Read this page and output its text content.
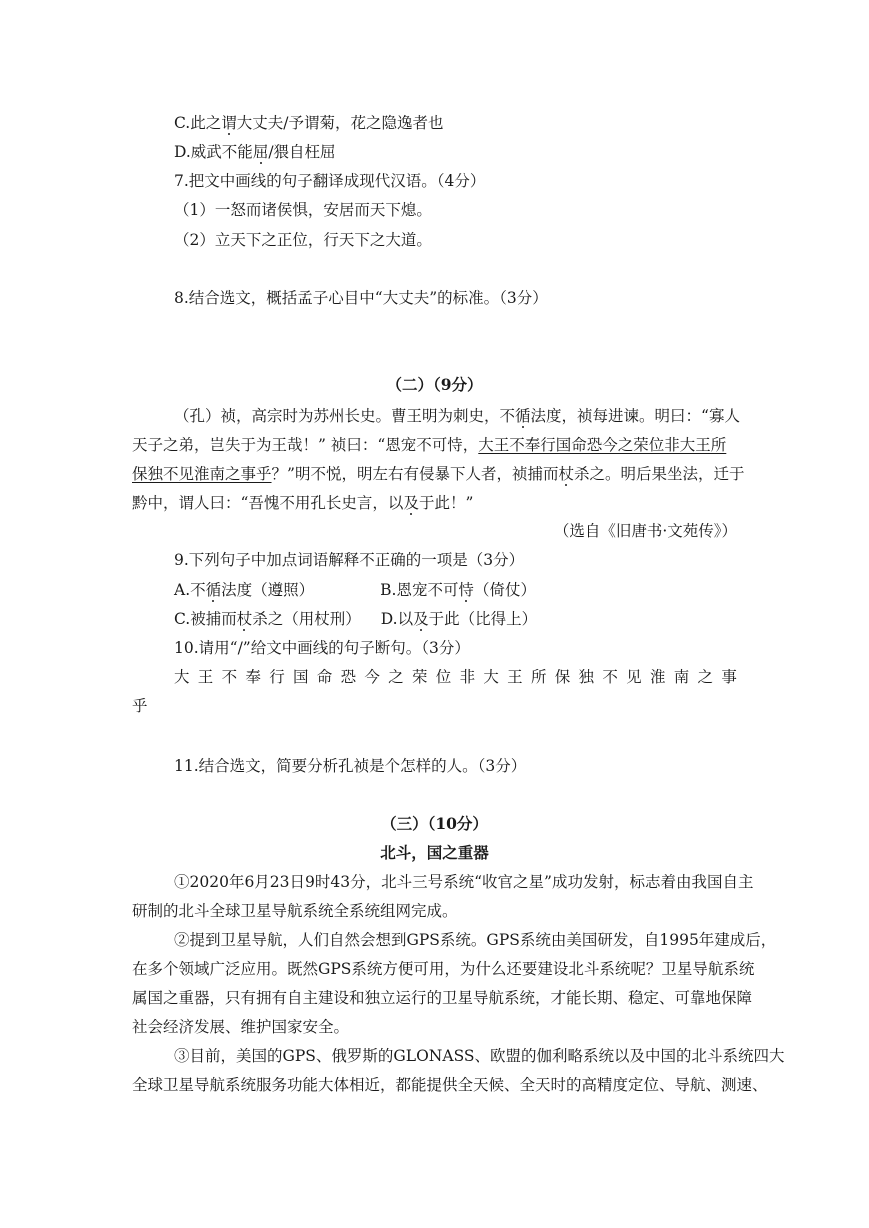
C.此之谓大丈夫/予谓菊，花之隐逸者也

D.威武不能屈/猥自枉屈

7.把文中画线的句子翻译成现代汉语。（4分）

（1）一怒而诸侯惧，安居而天下熄。

（2）立天下之正位，行天下之大道。

8.结合选文，概括孟子心目中“大丈夫”的标准。（3分）

（二）（9分）

（孔）祯，高宗时为苏州长史。曹王明为刺史，不循法度，祯每进谏。明曰：“寡人

天子之弟，岂失于为王哉！” 祯曰：“恩宠不可恃，大王不奉行国命恐今之荣位非大王所

保独不见淮南之事乎？”明不悦，明左右有侵暴下人者，祯捕而杖杀之。明后果坐法，迁于

黔中，谓人曰：“吾愧不用孔长史言，以及于此！”

（选自《旧唐书·文苑传》）

9.下列句子中加点词语解释不正确的一项是（3分）

A.不循法度（遵照）	B.恩宠不可恃（倚仗）

C.被捕而杖杀之（用杖刑） D.以及于此（比得上）

10.请用“/”给文中画线的句子断句。（3分）

大 王 不 奉 行 国 命 恐 今 之 荣 位 非 大 王 所 保 独 不 见 淮 南 之 事

乎

11.结合选文，简要分析孔祯是个怎样的人。（3分）

（三）（10分）

北斗，国之重器

①2020年6月23日9时43分，北斗三号系统“收官之星”成功发射，标志着由我国自主

研制的北斗全球卫星导航系统全系统组网完成。

②提到卫星导航，人们自然会想到GPS系统。GPS系统由美国研发，自1995年建成后，

在多个领域广泛应用。既然GPS系统方便可用，为什么还要建设北斗系统呢？卫星导航系统

属国之重器，只有拥有自主建设和独立运行的卫星导航系统，才能长期、稳定、可靠地保障

社会经济发展、维护国家安全。

③目前，美国的GPS、俄罗斯的GLONASS、欧盟的伽利略系统以及中国的北斗系统四大

全球卫星导航系统服务功能大体相近，都能提供全天候、全天时的高精度定位、导航、测速、
